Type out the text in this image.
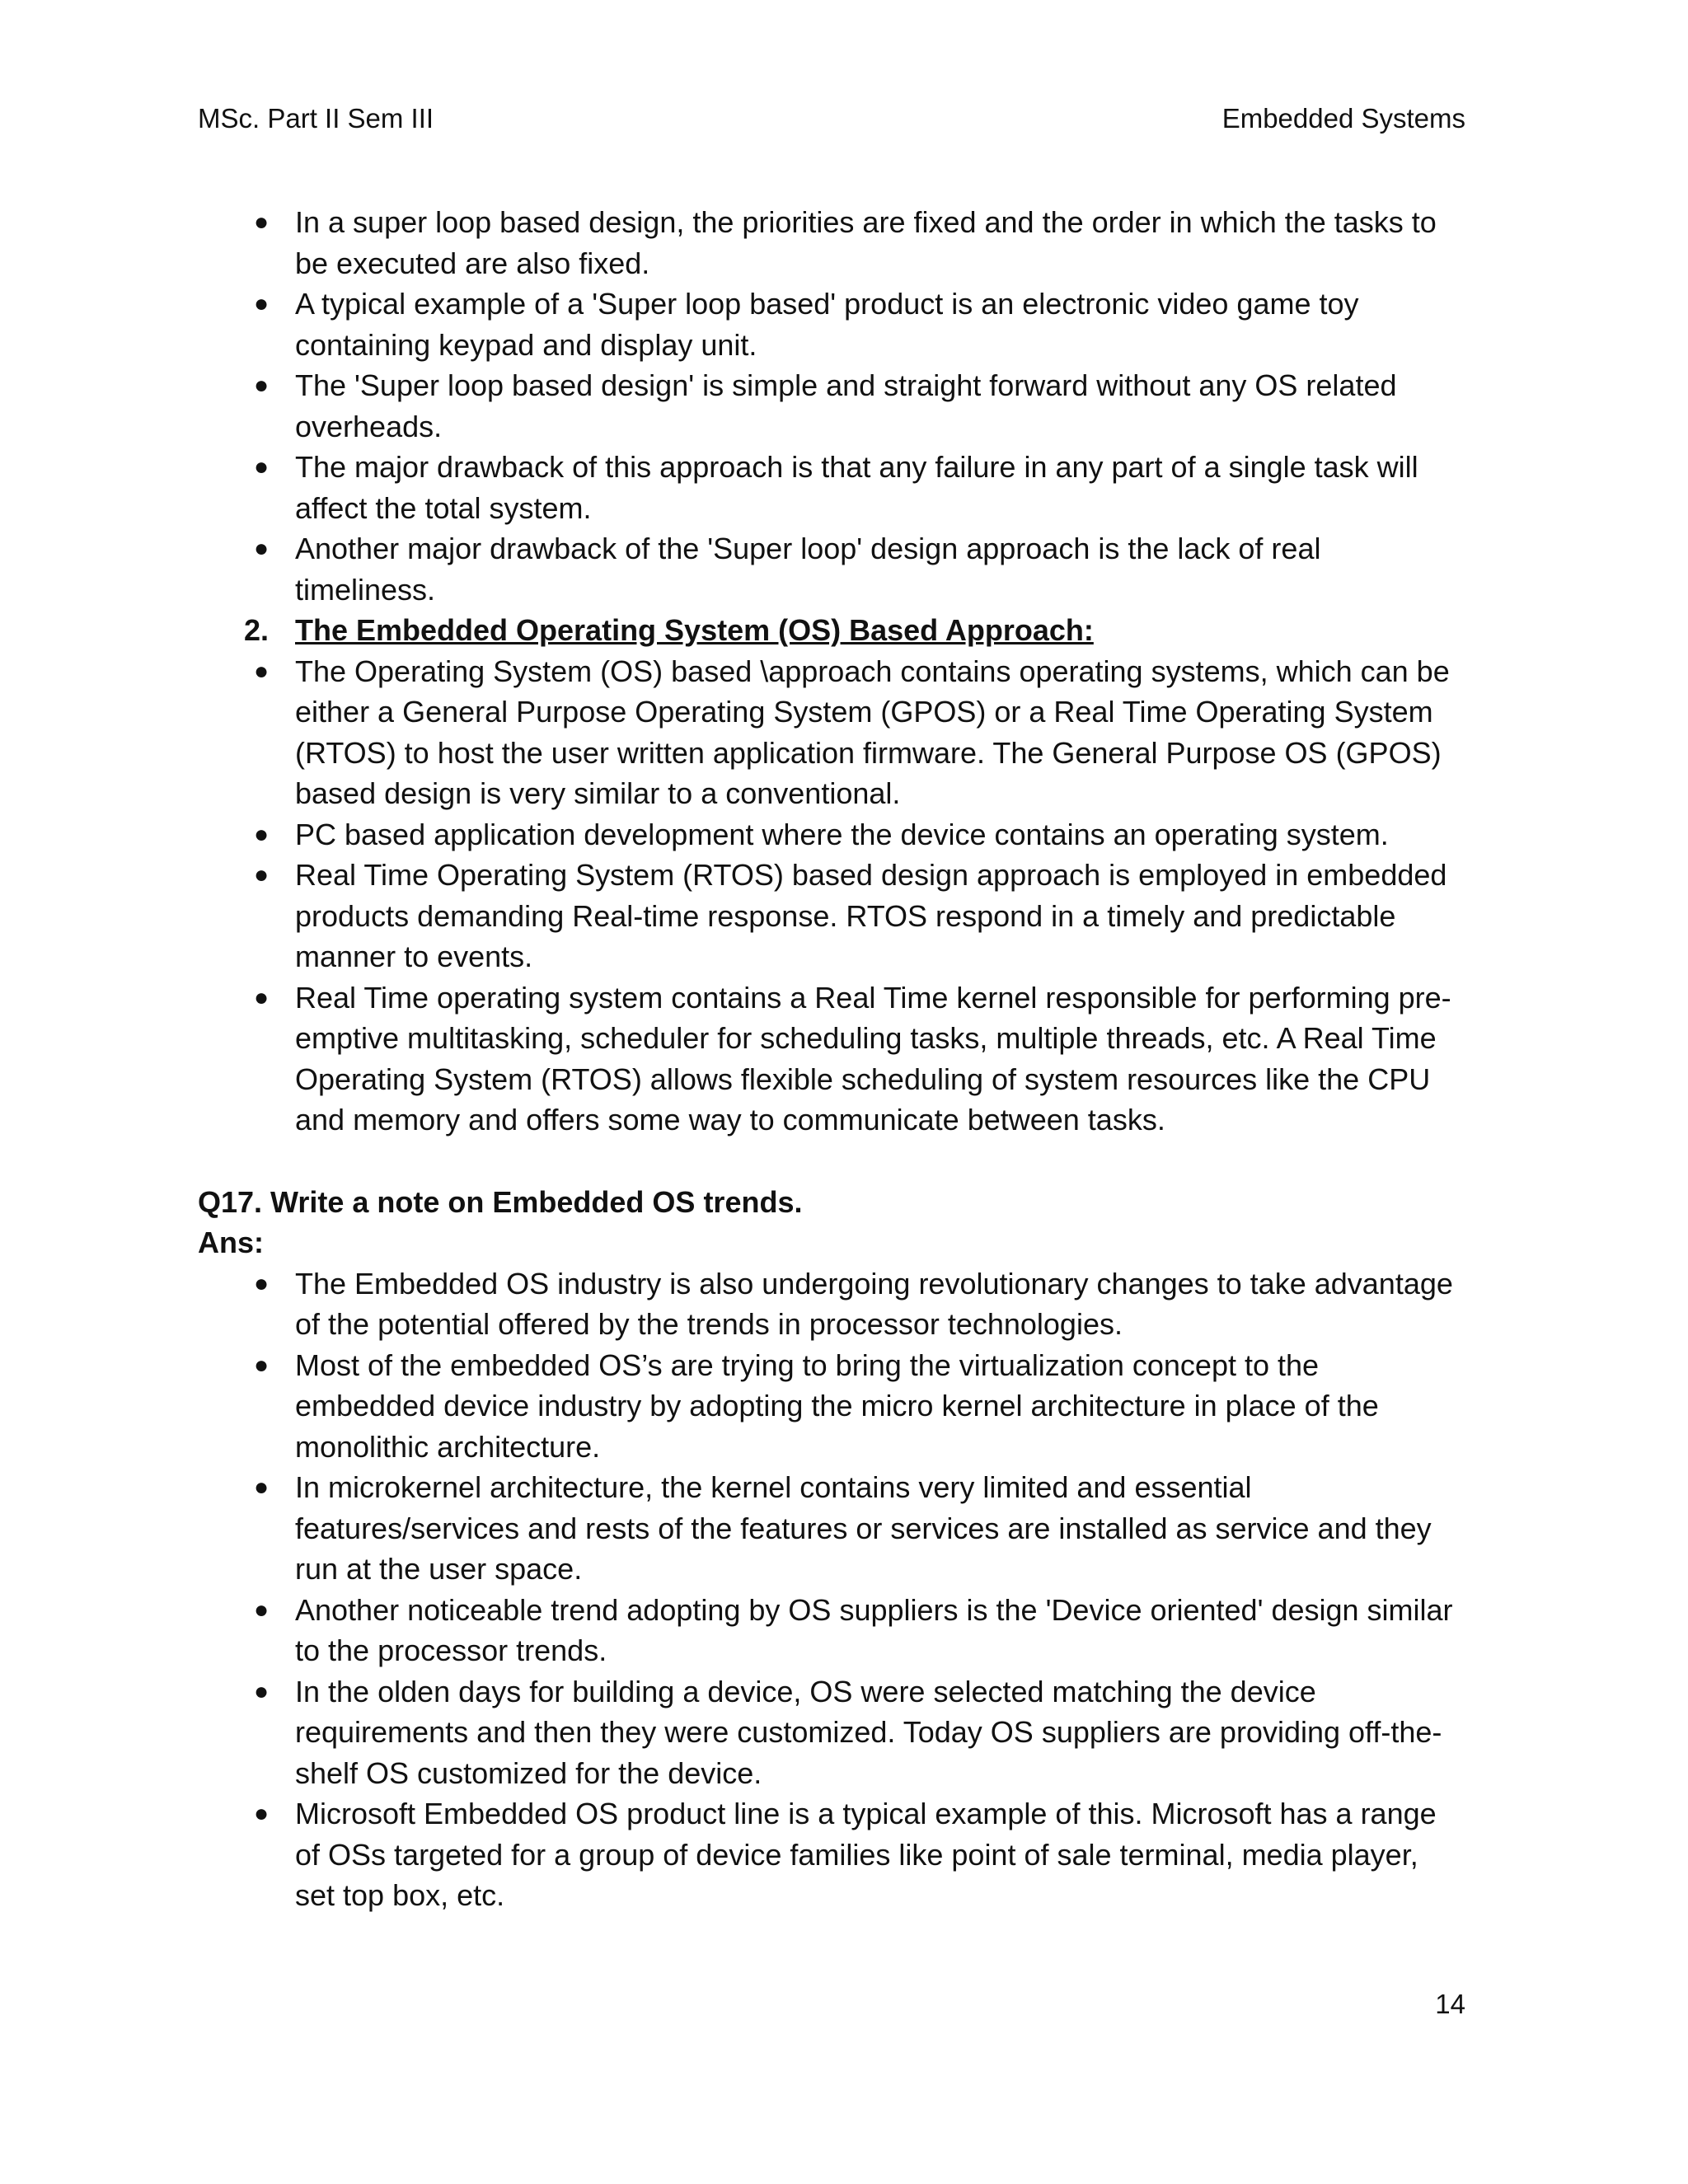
MSc. Part II Sem III	Embedded Systems
● In a super loop based design, the priorities are fixed and the order in which the tasks to be executed are also fixed.
● A typical example of a 'Super loop based' product is an electronic video game toy containing keypad and display unit.
● The 'Super loop based design' is simple and straight forward without any OS related overheads.
● The major drawback of this approach is that any failure in any part of a single task will affect the total system.
● Another major drawback of the 'Super loop' design approach is the lack of real timeliness.
2. The Embedded Operating System (OS) Based Approach:
● The Operating System (OS) based \approach contains operating systems, which can be either a General Purpose Operating System (GPOS) or a Real Time Operating System (RTOS) to host the user written application firmware. The General Purpose OS (GPOS) based design is very similar to a conventional.
● PC based application development where the device contains an operating system.
● Real Time Operating System (RTOS) based design approach is employed in embedded products demanding Real-time response. RTOS respond in a timely and predictable manner to events.
● Real Time operating system contains a Real Time kernel responsible for performing pre-emptive multitasking, scheduler for scheduling tasks, multiple threads, etc. A Real Time Operating System (RTOS) allows flexible scheduling of system resources like the CPU and memory and offers some way to communicate between tasks.
Q17. Write a note on Embedded OS trends.
Ans:
● The Embedded OS industry is also undergoing revolutionary changes to take advantage of the potential offered by the trends in processor technologies.
● Most of the embedded OS’s are trying to bring the virtualization concept to the embedded device industry by adopting the micro kernel architecture in place of the monolithic architecture.
● In microkernel architecture, the kernel contains very limited and essential features/services and rests of the features or services are installed as service and they run at the user space.
● Another noticeable trend adopting by OS suppliers is the 'Device oriented' design similar to the processor trends.
● In the olden days for building a device, OS were selected matching the device requirements and then they were customized. Today OS suppliers are providing off-the-shelf OS customized for the device.
● Microsoft Embedded OS product line is a typical example of this. Microsoft has a range of OSs targeted for a group of device families like point of sale terminal, media player, set top box, etc.
14
